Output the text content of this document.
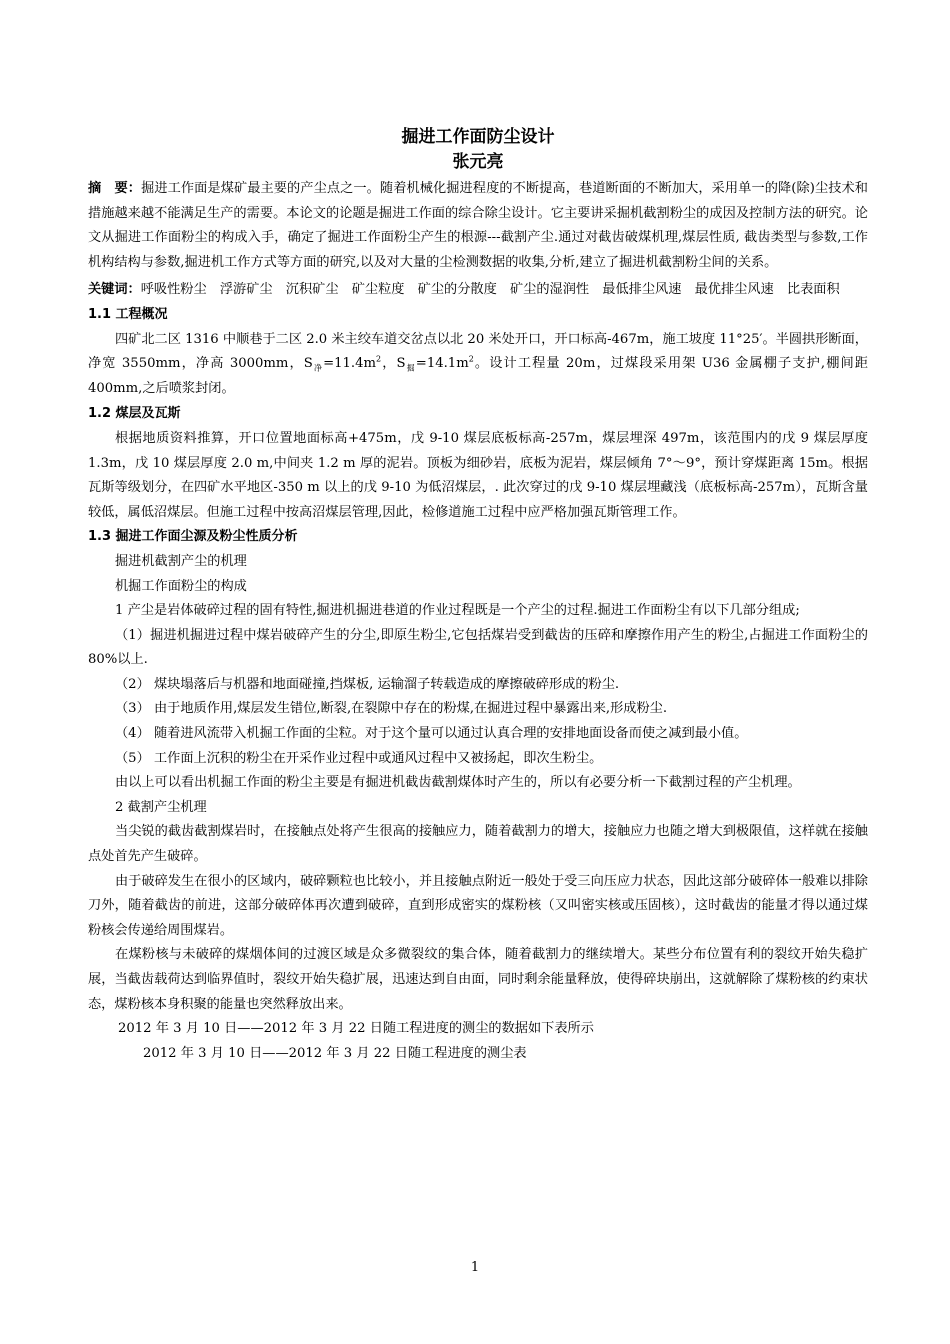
掘进工作面防尘设计

张元亮

摘　要：掘进工作面是煤矿最主要的产尘点之一。随着机械化掘进程度的不断提高，巷道断面的不断加大，采用单一的降(除)尘技术和措施越来越不能满足生产的需要。本论文的论题是掘进工作面的综合除尘设计。它主要讲采掘机截割粉尘的成因及控制方法的研究。论文从掘进工作面粉尘的构成入手，确定了掘进工作面粉尘产生的根源---截割产尘.通过对截齿破煤机理,煤层性质, 截齿类型与参数,工作机构结构与参数,掘进机工作方式等方面的研究,以及对大量的尘检测数据的收集,分析,建立了掘进机截割粉尘间的关系。

关键词：呼吸性粉尘　浮游矿尘　沉积矿尘　矿尘粒度　矿尘的分散度　矿尘的湿润性　最低排尘风速　最优排尘风速　比表面积

1.1 工程概况

四矿北二区 1316 中顺巷于二区 2.0 米主绞车道交岔点以北 20 米处开口，开口标高-467m，施工坡度 11°25′。半圆拱形断面，净宽 3550mm，净高 3000mm，$S_净=11.4m^2$，$S_掘=14.1m^2$。设计工程量 20m，过煤段采用架 U36 金属棚子支护,棚间距 400mm,之后喷浆封闭。

1.2 煤层及瓦斯

根据地质资料推算，开口位置地面标高+475m，戊 9-10 煤层底板标高-257m，煤层埋深 497m，该范围内的戊 9 煤层厚度 1.3m，戊 10 煤层厚度 2.0 m,中间夹 1.2 m 厚的泥岩。顶板为细砂岩，底板为泥岩，煤层倾角 7°～9°，预计穿煤距离 15m。根据瓦斯等级划分，在四矿水平地区-350 m 以上的戊 9-10 为低沼煤层，. 此次穿过的戊 9-10 煤层埋藏浅（底板标高-257m），瓦斯含量较低，属低沼煤层。但施工过程中按高沼煤层管理,因此，检修道施工过程中应严格加强瓦斯管理工作。

1.3 掘进工作面尘源及粉尘性质分析

掘进机截割产尘的机理

机掘工作面粉尘的构成

1 产尘是岩体破碎过程的固有特性,掘进机掘进巷道的作业过程既是一个产尘的过程.掘进工作面粉尘有以下几部分组成;

（1）掘进机掘进过程中煤岩破碎产生的分尘,即原生粉尘,它包括煤岩受到截齿的压碎和摩擦作用产生的粉尘,占掘进工作面粉尘的 80%以上.

（2） 煤块塌落后与机器和地面碰撞,挡煤板, 运输溜子转载造成的摩擦破碎形成的粉尘.

（3） 由于地质作用,煤层发生错位,断裂,在裂隙中存在的粉煤,在掘进过程中暴露出来,形成粉尘.

（4） 随着进风流带入机掘工作面的尘粒。对于这个量可以通过认真合理的安排地面设备而使之减到最小值。

（5） 工作面上沉积的粉尘在开采作业过程中或通风过程中又被扬起，即次生粉尘。

由以上可以看出机掘工作面的粉尘主要是有掘进机截齿截割煤体时产生的，所以有必要分析一下截割过程的产尘机理。

2 截割产尘机理

当尖锐的截齿截割煤岩时，在接触点处将产生很高的接触应力，随着截割力的增大，接触应力也随之增大到极限值，这样就在接触点处首先产生破碎。

由于破碎发生在很小的区域内，破碎颗粒也比较小，并且接触点附近一般处于受三向压应力状态，因此这部分破碎体一般难以排除刀外，随着截齿的前进，这部分破碎体再次遭到破碎，直到形成密实的煤粉核（又叫密实核或压固核），这时截齿的能量才得以通过煤粉核会传递给周围煤岩。

在煤粉核与未破碎的煤烟体间的过渡区域是众多微裂纹的集合体，随着截割力的继续增大。某些分布位置有利的裂纹开始失稳扩展，当截齿载荷达到临界值时，裂纹开始失稳扩展，迅速达到自由面，同时剩余能量释放，使得碎块崩出，这就解除了煤粉核的约束状态，煤粉核本身积聚的能量也突然释放出来。

2012 年 3 月 10 日——2012 年 3 月 22 日随工程进度的测尘的数据如下表所示

2012 年 3 月 10 日——2012 年 3 月 22 日随工程进度的测尘表

1
